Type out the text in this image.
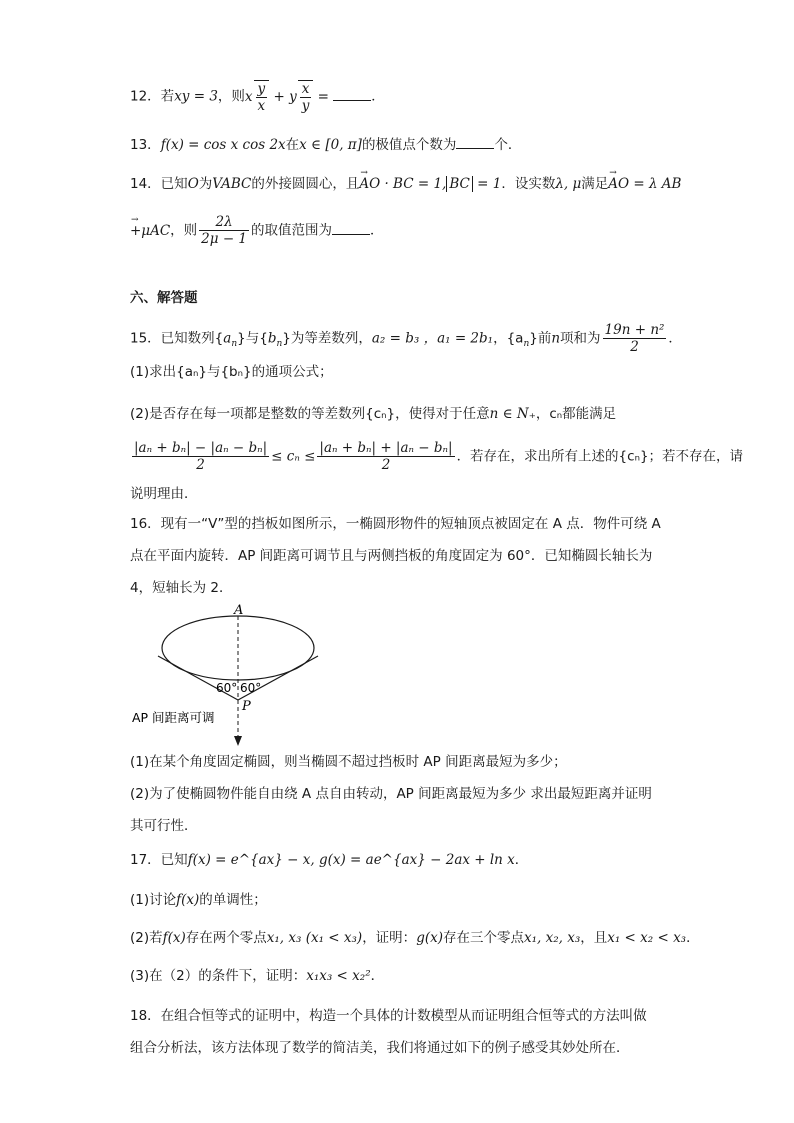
12．若xy = 3，则x $\frac{y}{x} + y \frac{x}{y}$ =	．
13．f(x) = cos x cos 2x在x ∈ [0, π]的极值点个数为	个．
14．已知O为VABC的外接圆圆心，且→ AO · BC = 1, BC = 1．设实数λ, μ满足→ AO = λ AB
→ +μAC，则 $\frac{2\lambda}{2\mu - 1}$ 的取值范围为	．
六、解答题
15．已知数列$\{a_n\}$与$\{b_n\}$为等差数列，a₂ = b₃ ，a₁ = 2b₁，$\{a_n\}$前n项和为 $\frac{\text{19n + n²}}{2}$ ．
(1)求出{aₙ}与{bₙ}的通项公式；
(2)是否存在每一项都是整数的等差数列{cₙ}，使得对于任意n ∈ N₊，cₙ都能满足
$\frac{\text{|aₙ + bₙ| − |aₙ − bₙ|}}{2} \le c_n \le \frac{\text{|aₙ + bₙ| + |aₙ − bₙ|}}{2}$ ．若存在，求出所有上述的{cₙ}；若不存在，请
说明理由．
16．现有一“V”型的挡板如图所示，一椭圆形物件的短轴顶点被固定在 A 点．物件可绕 A
点在平面内旋转．AP 间距离可调节且与两侧挡板的角度固定为 60°．已知椭圆长轴长为
4，短轴长为 2．
A
60° 60°
P
AP 间距离可调
(1)在某个角度固定椭圆，则当椭圆不超过挡板时 AP 间距离最短为多少；
(2)为了使椭圆物件能自由绕 A 点自由转动，AP 间距离最短为多少 求出最短距离并证明
其可行性．
17．已知f(x) = e^{ax} − x, g(x) = ae^{ax} − 2ax + ln x．
(1)讨论f(x)的单调性；
(2)若f(x)存在两个零点x₁, x₃ (x₁ < x₃)，证明：g(x)存在三个零点x₁, x₂, x₃，且x₁ < x₂ < x₃．
(3)在（2）的条件下，证明：x₁x₃ < x₂²．
18．在组合恒等式的证明中，构造一个具体的计数模型从而证明组合恒等式的方法叫做
组合分析法，该方法体现了数学的简洁美，我们将通过如下的例子感受其妙处所在．
